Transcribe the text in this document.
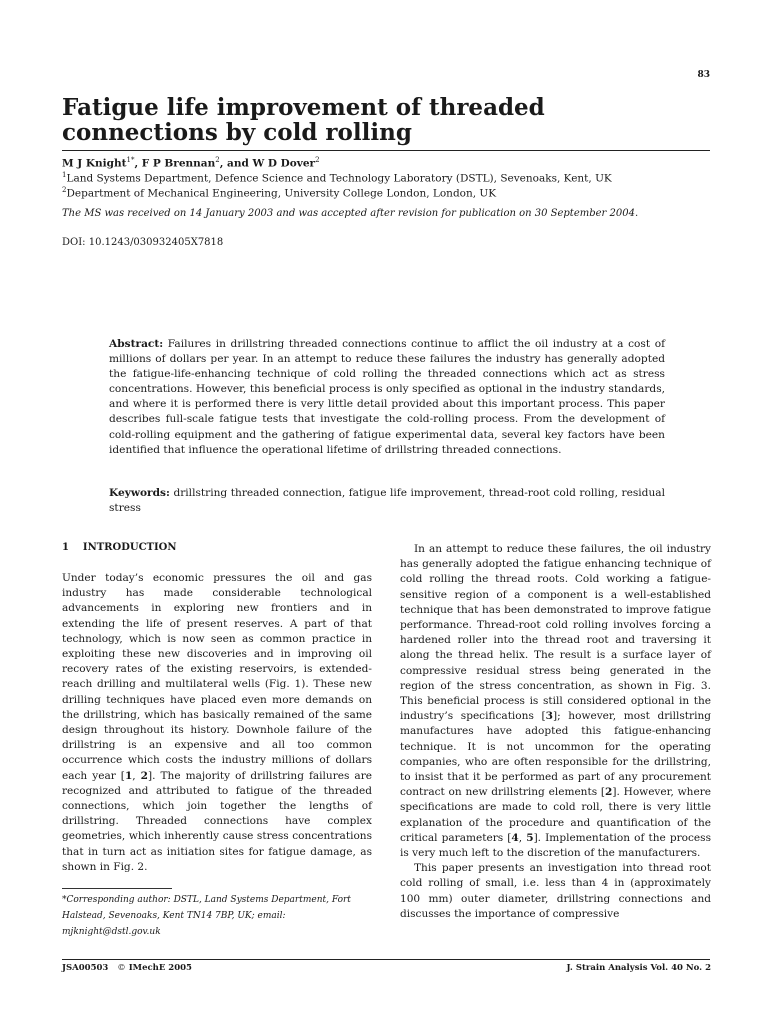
83
Fatigue life improvement of threaded connections by cold rolling
M J Knight$^{1*}$, F P Brennan$^2$, and W D Dover$^2$
$^1$Land Systems Department, Defence Science and Technology Laboratory (DSTL), Sevenoaks, Kent, UK
$^2$Department of Mechanical Engineering, University College London, London, UK
The MS was received on 14 January 2003 and was accepted after revision for publication on 30 September 2004.
DOI: 10.1243/030932405X7818

Abstract: Failures in drillstring threaded connections continue to afflict the oil industry at a cost of millions of dollars per year. In an attempt to reduce these failures the industry has generally adopted the fatigue-life-enhancing technique of cold rolling the threaded connections which act as stress concentrations. However, this beneficial process is only specified as optional in the industry standards, and where it is performed there is very little detail provided about this important process. This paper describes full-scale fatigue tests that investigate the cold-rolling process. From the development of cold-rolling equipment and the gathering of fatigue experimental data, several key factors have been identified that influence the operational lifetime of drillstring threaded connections.

Keywords: drillstring threaded connection, fatigue life improvement, thread-root cold rolling, residual stress

1 INTRODUCTION

Under today’s economic pressures the oil and gas industry has made considerable technological advancements in exploring new frontiers and in extending the life of present reserves. A part of that technology, which is now seen as common practice in exploiting these new discoveries and in improving oil recovery rates of the existing reservoirs, is extended-reach drilling and multilateral wells (Fig. 1). These new drilling techniques have placed even more demands on the drillstring, which has basically remained of the same design throughout its history. Downhole failure of the drillstring is an expensive and all too common occurrence which costs the industry millions of dollars each year [1, 2]. The majority of drillstring failures are recognized and attributed to fatigue of the threaded connections, which join together the lengths of drillstring. Threaded connections have complex geometries, which inherently cause stress concentrations that in turn act as initiation sites for fatigue damage, as shown in Fig. 2.

In an attempt to reduce these failures, the oil industry has generally adopted the fatigue enhancing technique of cold rolling the thread roots. Cold working a fatigue-sensitive region of a component is a well-established technique that has been demonstrated to improve fatigue performance. Thread-root cold rolling involves forcing a hardened roller into the thread root and traversing it along the thread helix. The result is a surface layer of compressive residual stress being generated in the region of the stress concentration, as shown in Fig. 3. This beneficial process is still considered optional in the industry’s specifications [3]; however, most drillstring manufactures have adopted this fatigue-enhancing technique. It is not uncommon for the operating companies, who are often responsible for the drillstring, to insist that it be performed as part of any procurement contract on new drillstring elements [2]. However, where specifications are made to cold roll, there is very little explanation of the procedure and quantification of the critical parameters [4, 5]. Implementation of the process is very much left to the discretion of the manufacturers.

This paper presents an investigation into thread root cold rolling of small, i.e. less than 4 in (approximately 100 mm) outer diameter, drillstring connections and discusses the importance of compressive

*Corresponding author: DSTL, Land Systems Department, Fort Halstead, Sevenoaks, Kent TN14 7BP, UK; email: mjknight@dstl.gov.uk

JSA00503 © IMechE 2005	J. Strain Analysis Vol. 40 No. 2
